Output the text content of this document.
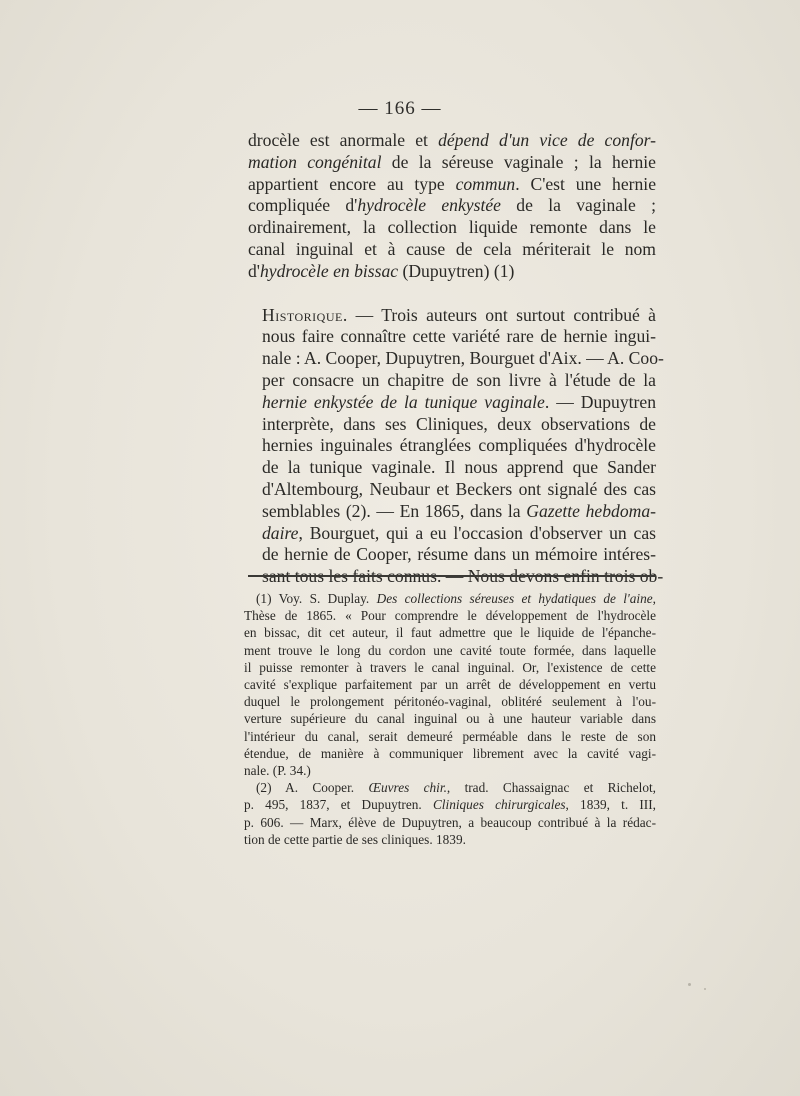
— 166 —

drocèle est anormale et dépend d'un vice de confor-
mation congénital de la séreuse vaginale ; la hernie
appartient encore au type commun. C'est une hernie
compliquée d'hydrocèle enkystée de la vaginale ;
ordinairement, la collection liquide remonte dans le
canal inguinal et à cause de cela mériterait le nom
d'hydrocèle en bissac (Dupuytren) (1)

Historique. — Trois auteurs ont surtout contribué à
nous faire connaître cette variété rare de hernie ingui-
nale : A. Cooper, Dupuytren, Bourguet d'Aix. — A. Coo-
per consacre un chapitre de son livre à l'étude de la
hernie enkystée de la tunique vaginale. — Dupuytren
interprète, dans ses Cliniques, deux observations de
hernies inguinales étranglées compliquées d'hydrocèle
de la tunique vaginale. Il nous apprend que Sander
d'Altembourg, Neubaur et Beckers ont signalé des cas
semblables (2). — En 1865, dans la Gazette hebdoma-
daire, Bourguet, qui a eu l'occasion d'observer un cas
de hernie de Cooper, résume dans un mémoire intéres-
sant tous les faits connus. — Nous devons enfin trois ob-

(1) Voy. S. Duplay. Des collections séreuses et hydatiques de l'aine,
Thèse de 1865. « Pour comprendre le développement de l'hydrocèle
en bissac, dit cet auteur, il faut admettre que le liquide de l'épanche-
ment trouve le long du cordon une cavité toute formée, dans laquelle
il puisse remonter à travers le canal inguinal. Or, l'existence de cette
cavité s'explique parfaitement par un arrêt de développement en vertu
duquel le prolongement péritonéo-vaginal, oblitéré seulement à l'ou-
verture supérieure du canal inguinal ou à une hauteur variable dans
l'intérieur du canal, serait demeuré perméable dans le reste de son
étendue, de manière à communiquer librement avec la cavité vagi-
nale. (P. 34.)
(2) A. Cooper. Œuvres chir., trad. Chassaignac et Richelot,
p. 495, 1837, et Dupuytren. Cliniques chirurgicales, 1839, t. III,
p. 606. — Marx, élève de Dupuytren, a beaucoup contribué à la rédac-
tion de cette partie de ses cliniques. 1839.
